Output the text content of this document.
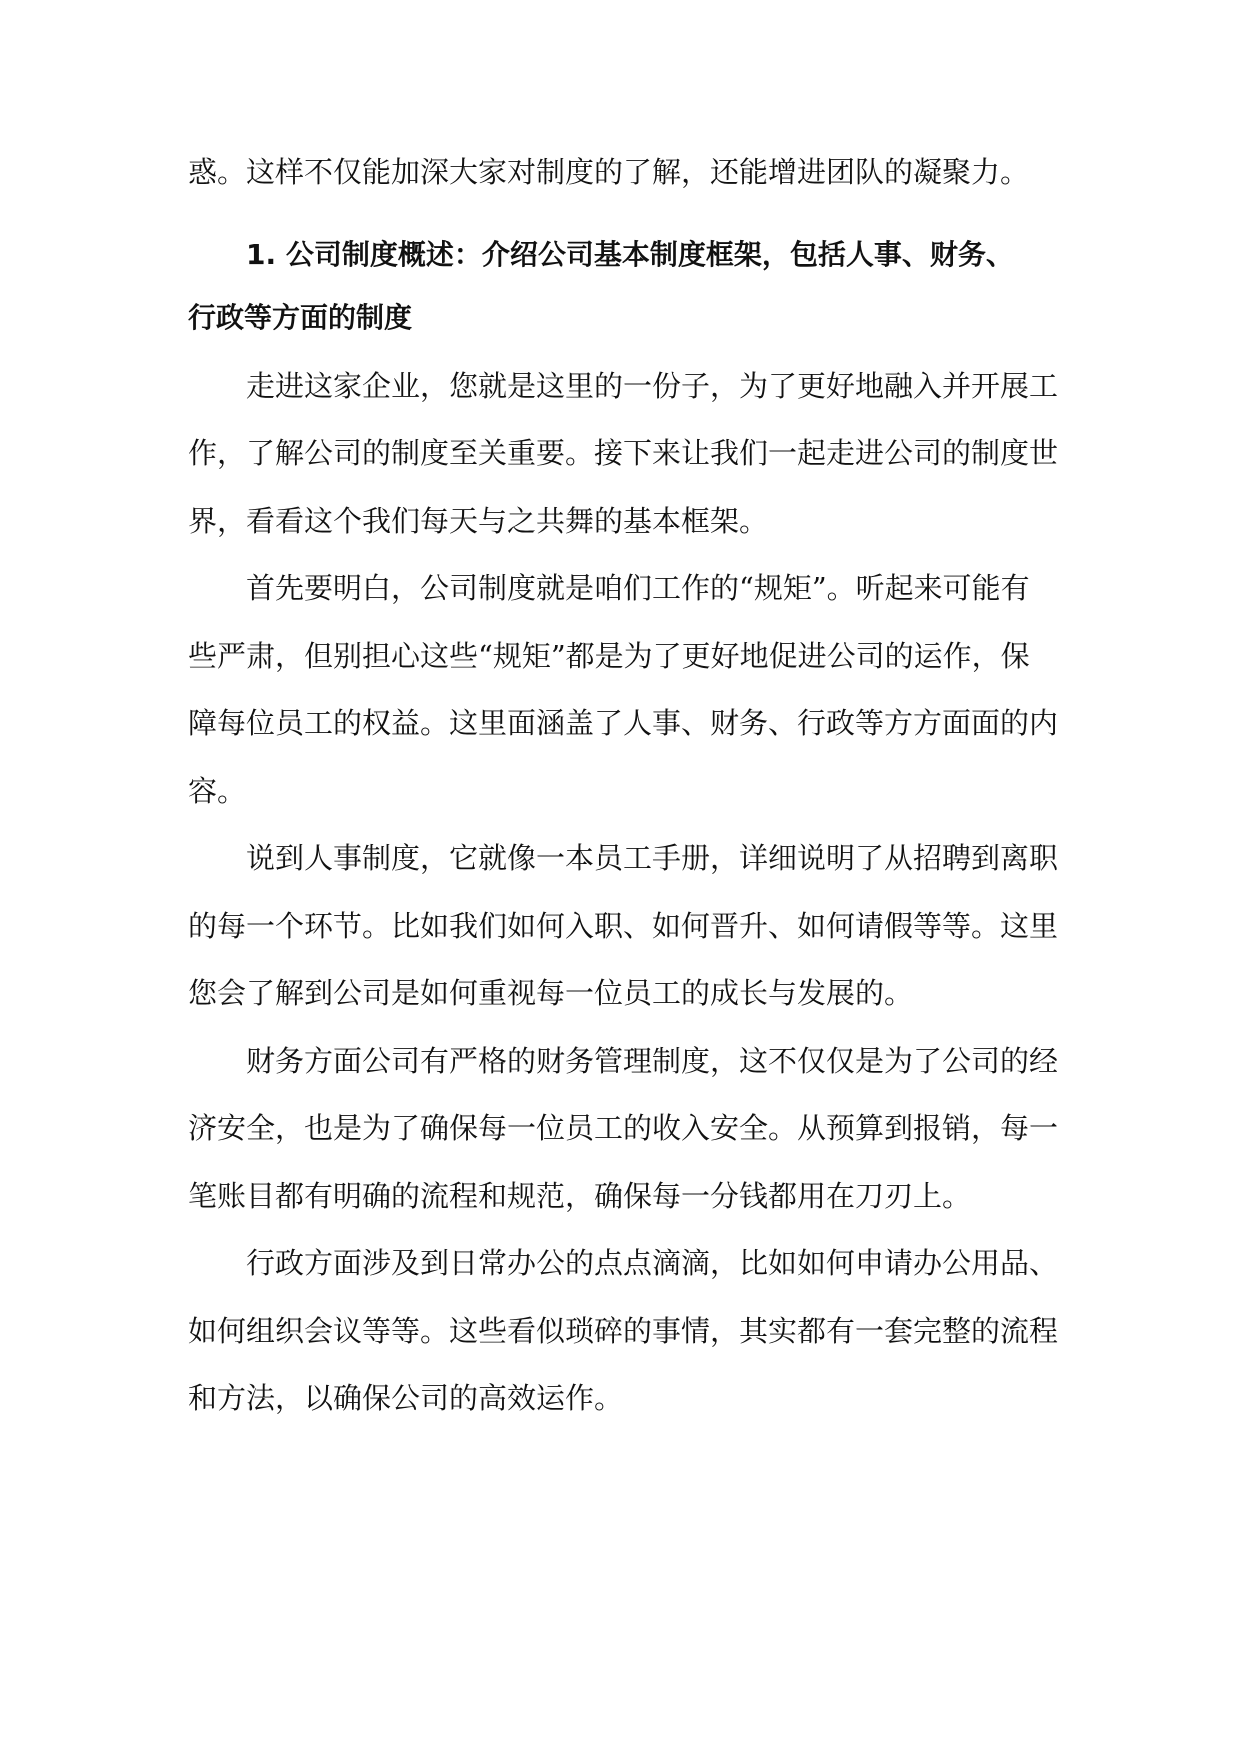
惑。这样不仅能加深大家对制度的了解，还能增进团队的凝聚力。
1. 公司制度概述：介绍公司基本制度框架，包括人事、财务、
行政等方面的制度
走进这家企业，您就是这里的一份子，为了更好地融入并开展工
作，了解公司的制度至关重要。接下来让我们一起走进公司的制度世
界，看看这个我们每天与之共舞的基本框架。
首先要明白，公司制度就是咱们工作的“规矩”。听起来可能有
些严肃，但别担心这些“规矩”都是为了更好地促进公司的运作，保
障每位员工的权益。这里面涵盖了人事、财务、行政等方方面面的内
容。
说到人事制度，它就像一本员工手册，详细说明了从招聘到离职
的每一个环节。比如我们如何入职、如何晋升、如何请假等等。这里
您会了解到公司是如何重视每一位员工的成长与发展的。
财务方面公司有严格的财务管理制度，这不仅仅是为了公司的经
济安全，也是为了确保每一位员工的收入安全。从预算到报销，每一
笔账目都有明确的流程和规范，确保每一分钱都用在刀刃上。
行政方面涉及到日常办公的点点滴滴，比如如何申请办公用品、
如何组织会议等等。这些看似琐碎的事情，其实都有一套完整的流程
和方法，以确保公司的高效运作。
